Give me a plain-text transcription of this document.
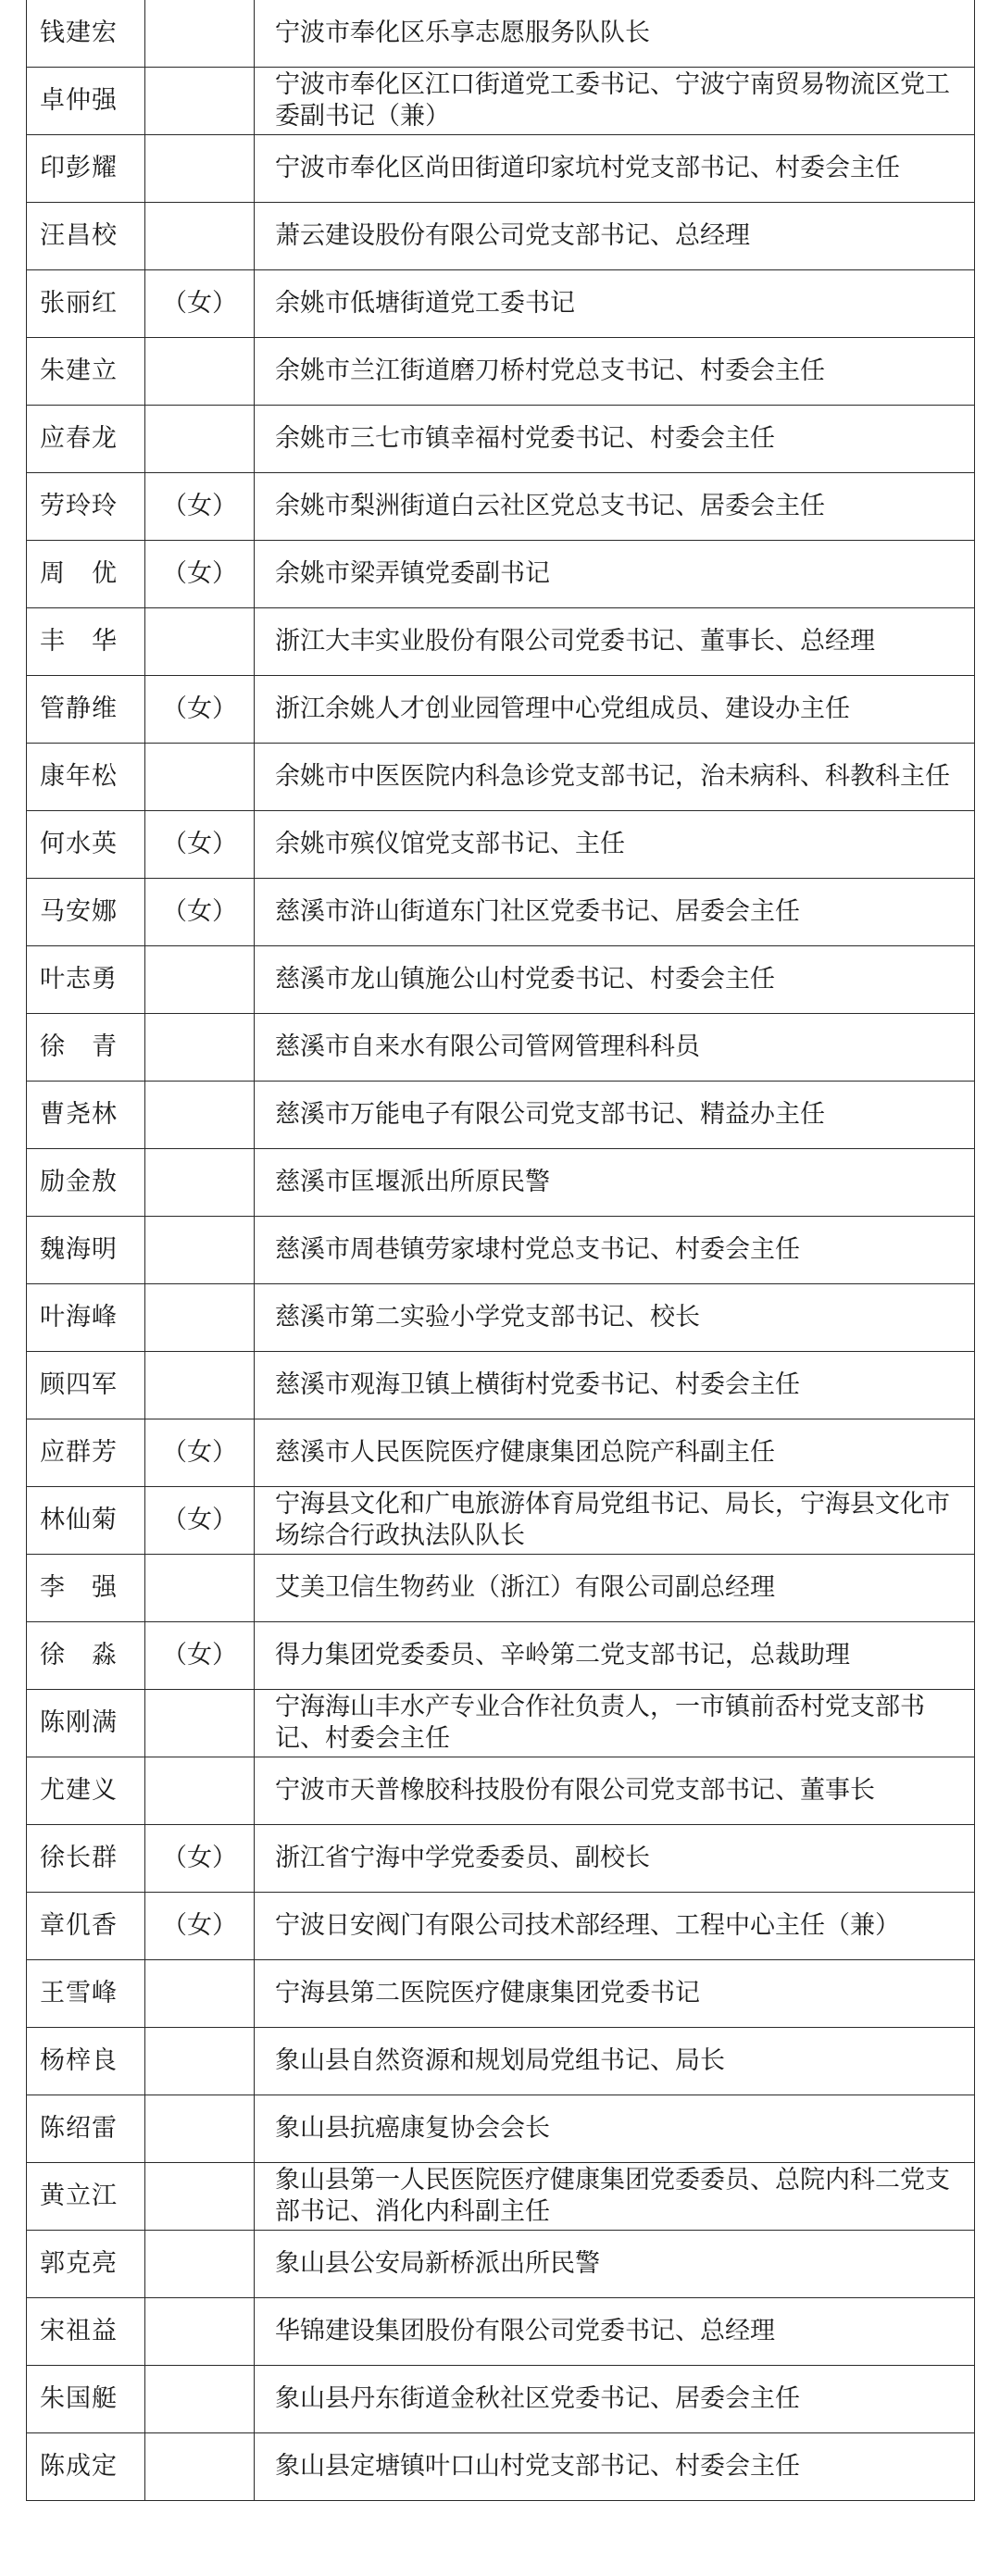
钱建宏		宁波市奉化区乐享志愿服务队队长
卓仲强		宁波市奉化区江口街道党工委书记、宁波宁南贸易物流区党工委副书记（兼）
印彭耀		宁波市奉化区尚田街道印家坑村党支部书记、村委会主任
汪昌校		萧云建设股份有限公司党支部书记、总经理
张丽红	（女）	余姚市低塘街道党工委书记
朱建立		余姚市兰江街道磨刀桥村党总支书记、村委会主任
应春龙		余姚市三七市镇幸福村党委书记、村委会主任
劳玲玲	（女）	余姚市梨洲街道白云社区党总支书记、居委会主任
周　优	（女）	余姚市梁弄镇党委副书记
丰　华		浙江大丰实业股份有限公司党委书记、董事长、总经理
管静维	（女）	浙江余姚人才创业园管理中心党组成员、建设办主任
康年松		余姚市中医医院内科急诊党支部书记，治未病科、科教科主任
何水英	（女）	余姚市殡仪馆党支部书记、主任
马安娜	（女）	慈溪市浒山街道东门社区党委书记、居委会主任
叶志勇		慈溪市龙山镇施公山村党委书记、村委会主任
徐　青		慈溪市自来水有限公司管网管理科科员
曹尧林		慈溪市万能电子有限公司党支部书记、精益办主任
励金敖		慈溪市匡堰派出所原民警
魏海明		慈溪市周巷镇劳家埭村党总支书记、村委会主任
叶海峰		慈溪市第二实验小学党支部书记、校长
顾四军		慈溪市观海卫镇上横街村党委书记、村委会主任
应群芳	（女）	慈溪市人民医院医疗健康集团总院产科副主任
林仙菊	（女）	宁海县文化和广电旅游体育局党组书记、局长，宁海县文化市场综合行政执法队队长
李　强		艾美卫信生物药业（浙江）有限公司副总经理
徐　淼	（女）	得力集团党委委员、辛岭第二党支部书记，总裁助理
陈刚满		宁海海山丰水产专业合作社负责人，一市镇前岙村党支部书记、村委会主任
尤建义		宁波市天普橡胶科技股份有限公司党支部书记、董事长
徐长群	（女）	浙江省宁海中学党委委员、副校长
章仉香	（女）	宁波日安阀门有限公司技术部经理、工程中心主任（兼）
王雪峰		宁海县第二医院医疗健康集团党委书记
杨梓良		象山县自然资源和规划局党组书记、局长
陈绍雷		象山县抗癌康复协会会长
黄立江		象山县第一人民医院医疗健康集团党委委员、总院内科二党支部书记、消化内科副主任
郭克亮		象山县公安局新桥派出所民警
宋祖益		华锦建设集团股份有限公司党委书记、总经理
朱国艇		象山县丹东街道金秋社区党委书记、居委会主任
陈成定		象山县定塘镇叶口山村党支部书记、村委会主任
